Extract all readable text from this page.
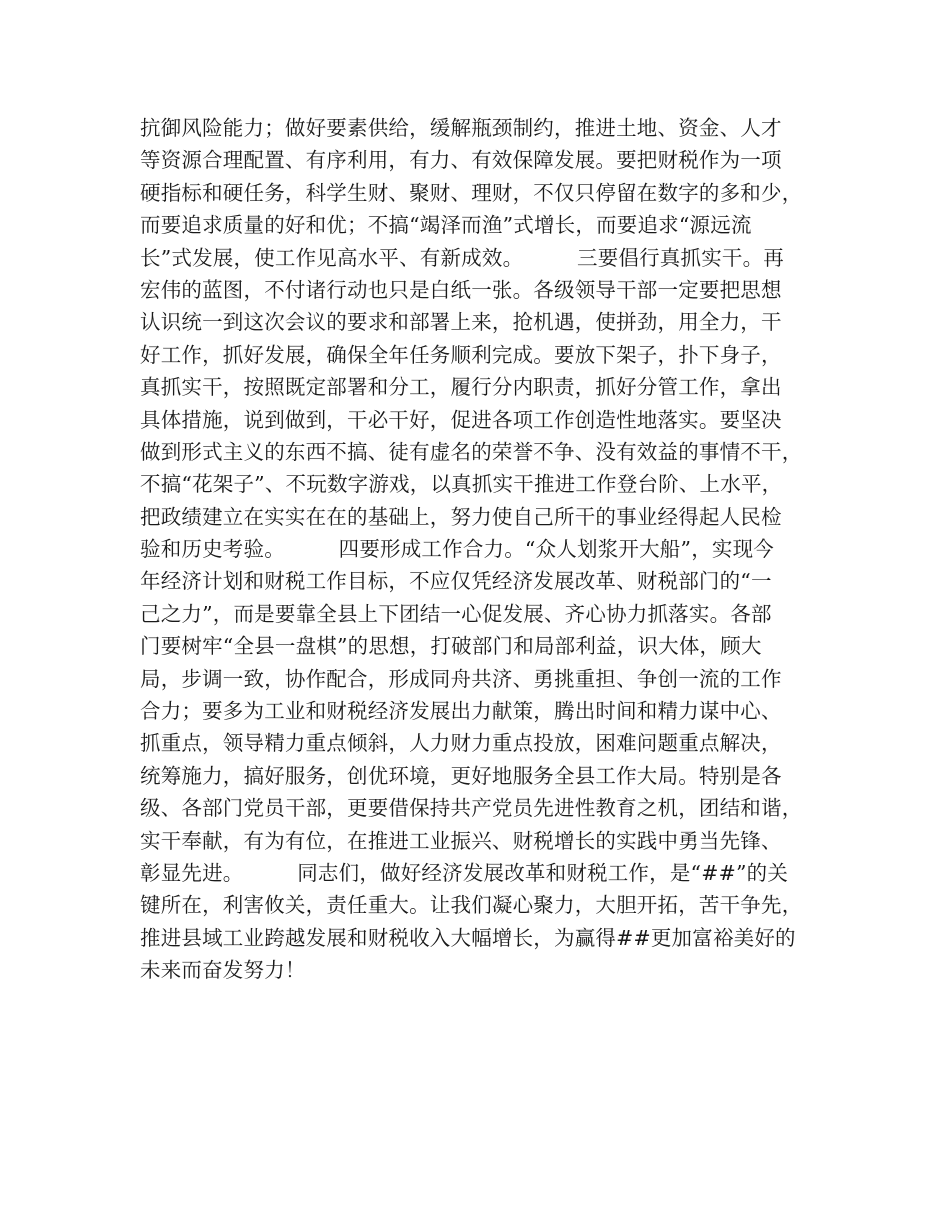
抗御风险能力；做好要素供给，缓解瓶颈制约，推进土地、资金、人才
等资源合理配置、有序利用，有力、有效保障发展。要把财税作为一项
硬指标和硬任务，科学生财、聚财、理财，不仅只停留在数字的多和少，
而要追求质量的好和优；不搞“竭泽而渔”式增长，而要追求“源远流
长”式发展，使工作见高水平、有新成效。        三要倡行真抓实干。再
宏伟的蓝图，不付诸行动也只是白纸一张。各级领导干部一定要把思想
认识统一到这次会议的要求和部署上来，抢机遇，使拼劲，用全力，干
好工作，抓好发展，确保全年任务顺利完成。要放下架子，扑下身子，
真抓实干，按照既定部署和分工，履行分内职责，抓好分管工作，拿出
具体措施，说到做到，干必干好，促进各项工作创造性地落实。要坚决
做到形式主义的东西不搞、徒有虚名的荣誉不争、没有效益的事情不干，
不搞“花架子”、不玩数字游戏，以真抓实干推进工作登台阶、上水平，
把政绩建立在实实在在的基础上，努力使自己所干的事业经得起人民检
验和历史考验。        四要形成工作合力。“众人划浆开大船”，实现今
年经济计划和财税工作目标，不应仅凭经济发展改革、财税部门的“一
己之力”，而是要靠全县上下团结一心促发展、齐心协力抓落实。各部
门要树牢“全县一盘棋”的思想，打破部门和局部利益，识大体，顾大
局，步调一致，协作配合，形成同舟共济、勇挑重担、争创一流的工作
合力；要多为工业和财税经济发展出力献策，腾出时间和精力谋中心、
抓重点，领导精力重点倾斜，人力财力重点投放，困难问题重点解决，
统筹施力，搞好服务，创优环境，更好地服务全县工作大局。特别是各
级、各部门党员干部，更要借保持共产党员先进性教育之机，团结和谐，
实干奉献，有为有位，在推进工业振兴、财税增长的实践中勇当先锋、
彰显先进。        同志们，做好经济发展改革和财税工作，是“##”的关
键所在，利害攸关，责任重大。让我们凝心聚力，大胆开拓，苦干争先，
推进县域工业跨越发展和财税收入大幅增长，为赢得##更加富裕美好的
未来而奋发努力！
